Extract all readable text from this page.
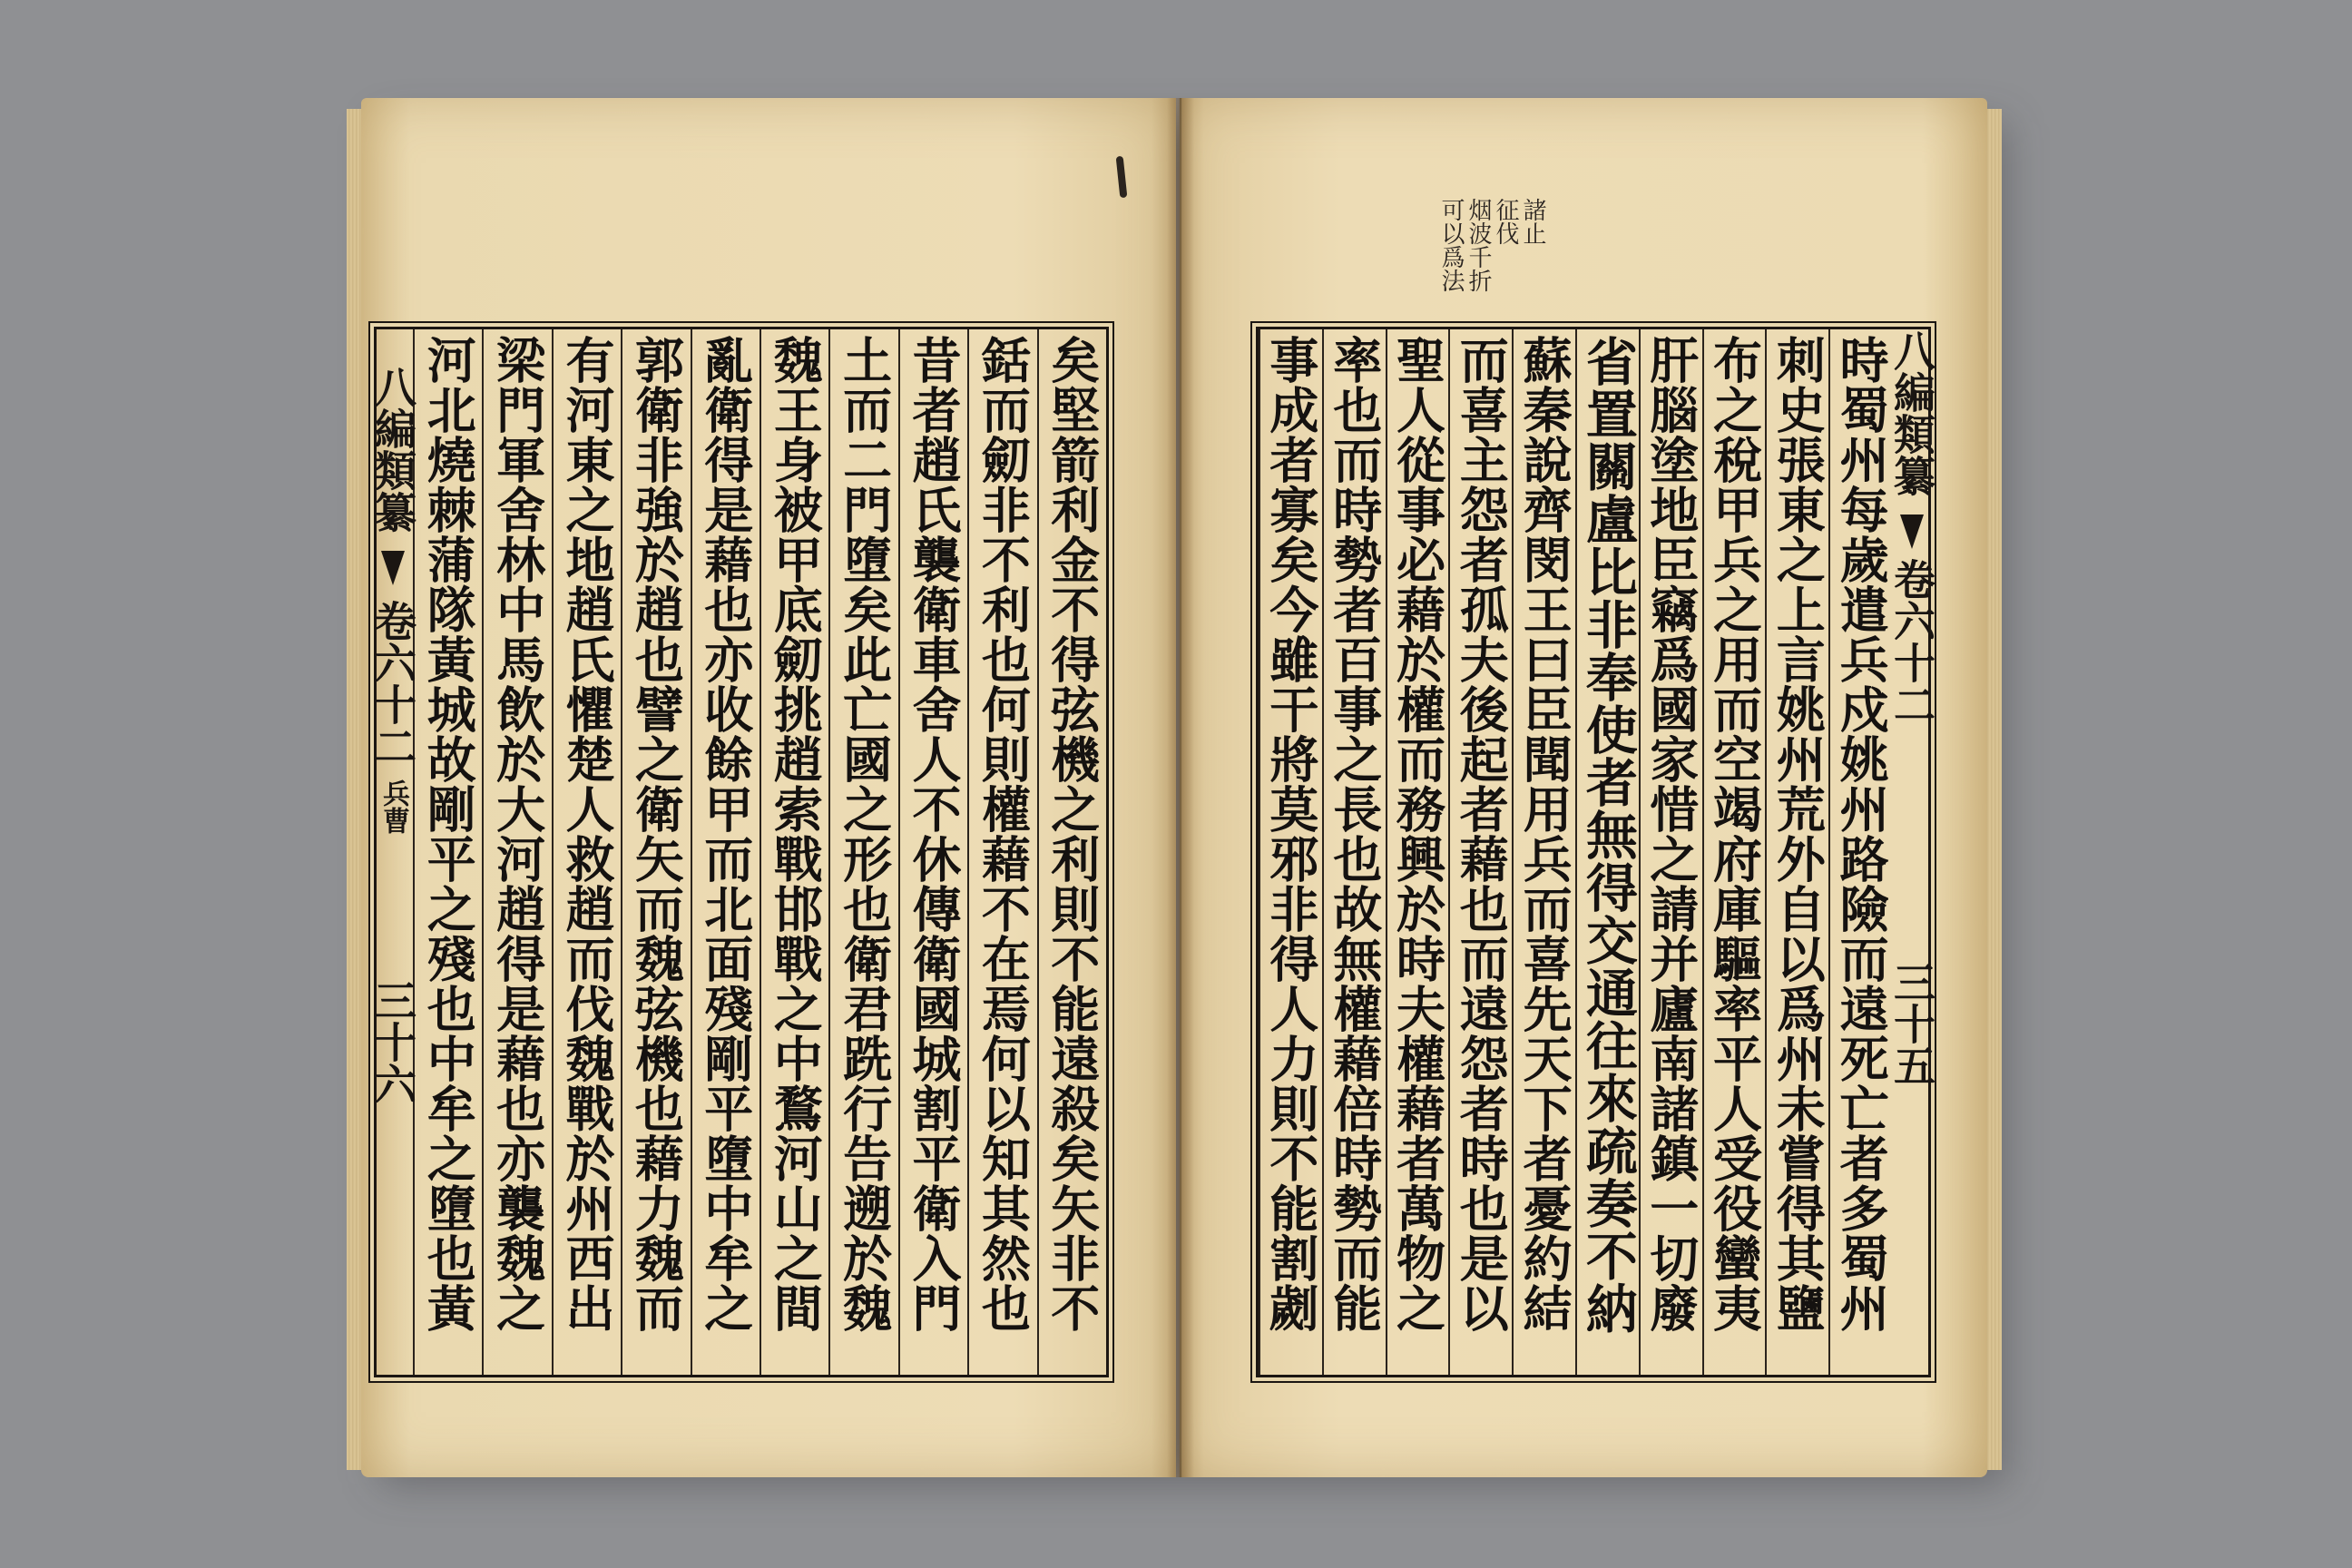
矣堅箭利金不得弦機之利則不能遠殺矣矢非不
銛而劎非不利也何則權藉不在焉何以知其然也
昔者趙氏襲衛車舍人不休傳衛國城割平衛入門
土而二門墮矣此亡國之形也衛君跣行告遡於魏
魏王身被甲底劎挑趙索戰邯戰之中鶩河山之間
亂衛得是藉也亦收餘甲而北面殘剛平墮中牟之
郭衛非強於趙也譬之衛矢而魏弦機也藉力魏而
有河東之地趙氏懼楚人救趙而伐魏戰於州西出
梁門軍舍林中馬飲於大河趙得是藉也亦襲魏之
河北燒棘蒲隊黃城故剛平之殘也中牟之墮也黃
八編類纂
卷六十二
兵曹
三十六	時蜀州每歲遣兵戍姚州路險而遠死亡者多蜀州
刺史張東之上言姚州荒外自以爲州未嘗得其鹽
布之稅甲兵之用而空竭府庫驅率平人受役蠻夷
肝腦塗地臣竊爲國家惜之請并廬南諸鎮一切廢
省置關盧比非奉使者無得交通往來疏奏不納
蘇秦說齊閔王曰臣聞用兵而喜先天下者憂約結
而喜主怨者孤夫後起者藉也而遠怨者時也是以
聖人從事必藉於權而務興於時夫權藉者萬物之
率也而時勢者百事之長也故無權藉倍時勢而能
事成者寡矣今雖干將莫邪非得人力則不能割劌	八編類纂
卷六十二
三十五
諸止
征伐
烟波千折
可以爲法
